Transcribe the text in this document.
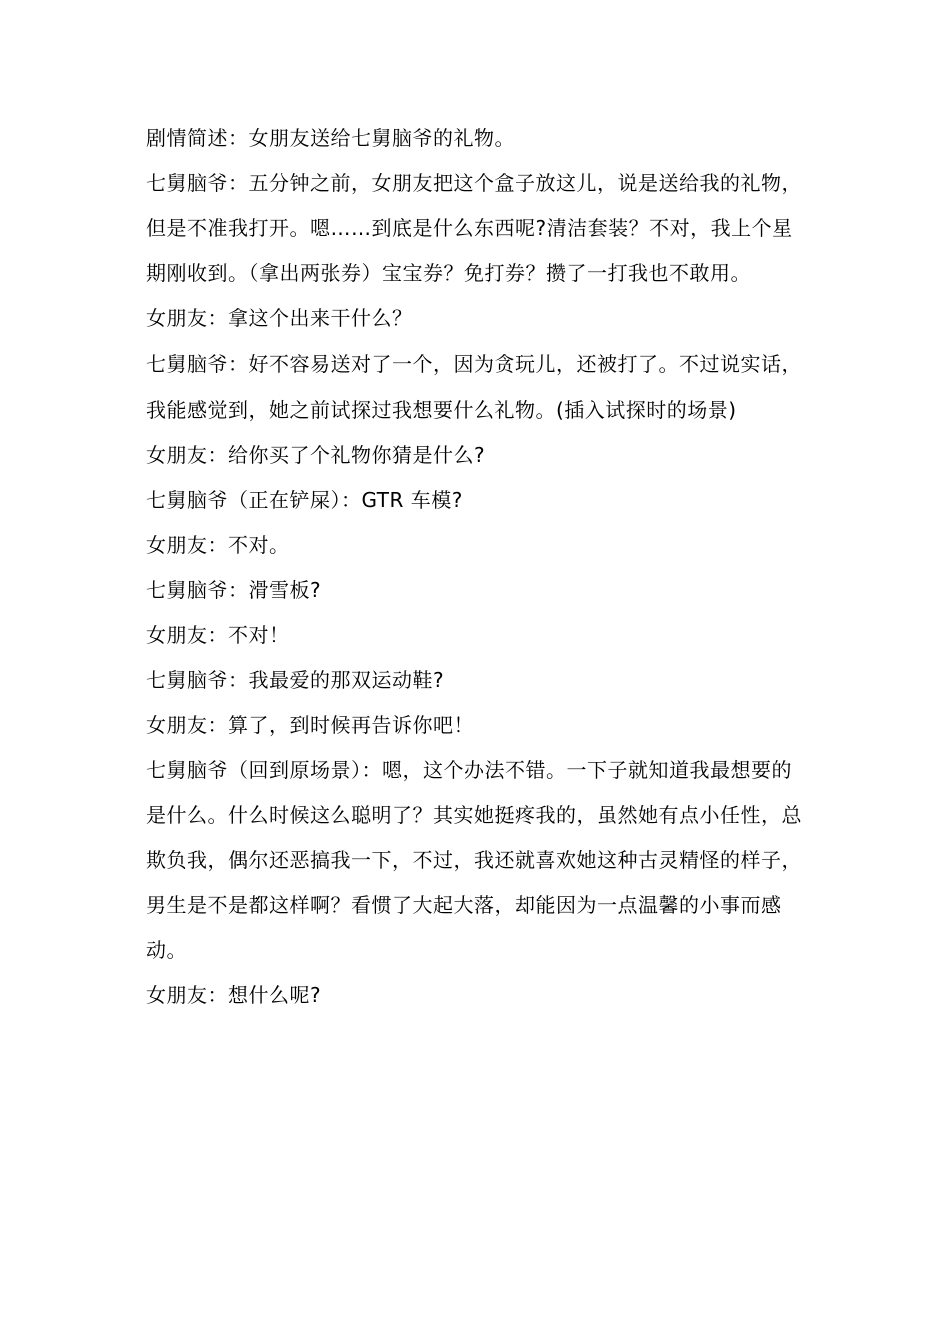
剧情简述：女朋友送给七舅脑爷的礼物。

七舅脑爷：五分钟之前，女朋友把这个盒子放这儿，说是送给我的礼物，但是不准我打开。嗯……到底是什么东西呢?清洁套装？不对，我上个星期刚收到。（拿出两张券）宝宝券？免打券？攒了一打我也不敢用。

女朋友：拿这个出来干什么？

七舅脑爷：好不容易送对了一个，因为贪玩儿，还被打了。不过说实话，我能感觉到，她之前试探过我想要什么礼物。(插入试探时的场景)

女朋友：给你买了个礼物你猜是什么?

七舅脑爷（正在铲屎）：GTR 车模?

女朋友：不对。

七舅脑爷：滑雪板?

女朋友：不对！

七舅脑爷：我最爱的那双运动鞋?

女朋友：算了，到时候再告诉你吧！

七舅脑爷（回到原场景）：嗯，这个办法不错。一下子就知道我最想要的是什么。什么时候这么聪明了？其实她挺疼我的，虽然她有点小任性，总欺负我，偶尔还恶搞我一下，不过，我还就喜欢她这种古灵精怪的样子，男生是不是都这样啊？看惯了大起大落，却能因为一点温馨的小事而感动。

女朋友：想什么呢?
